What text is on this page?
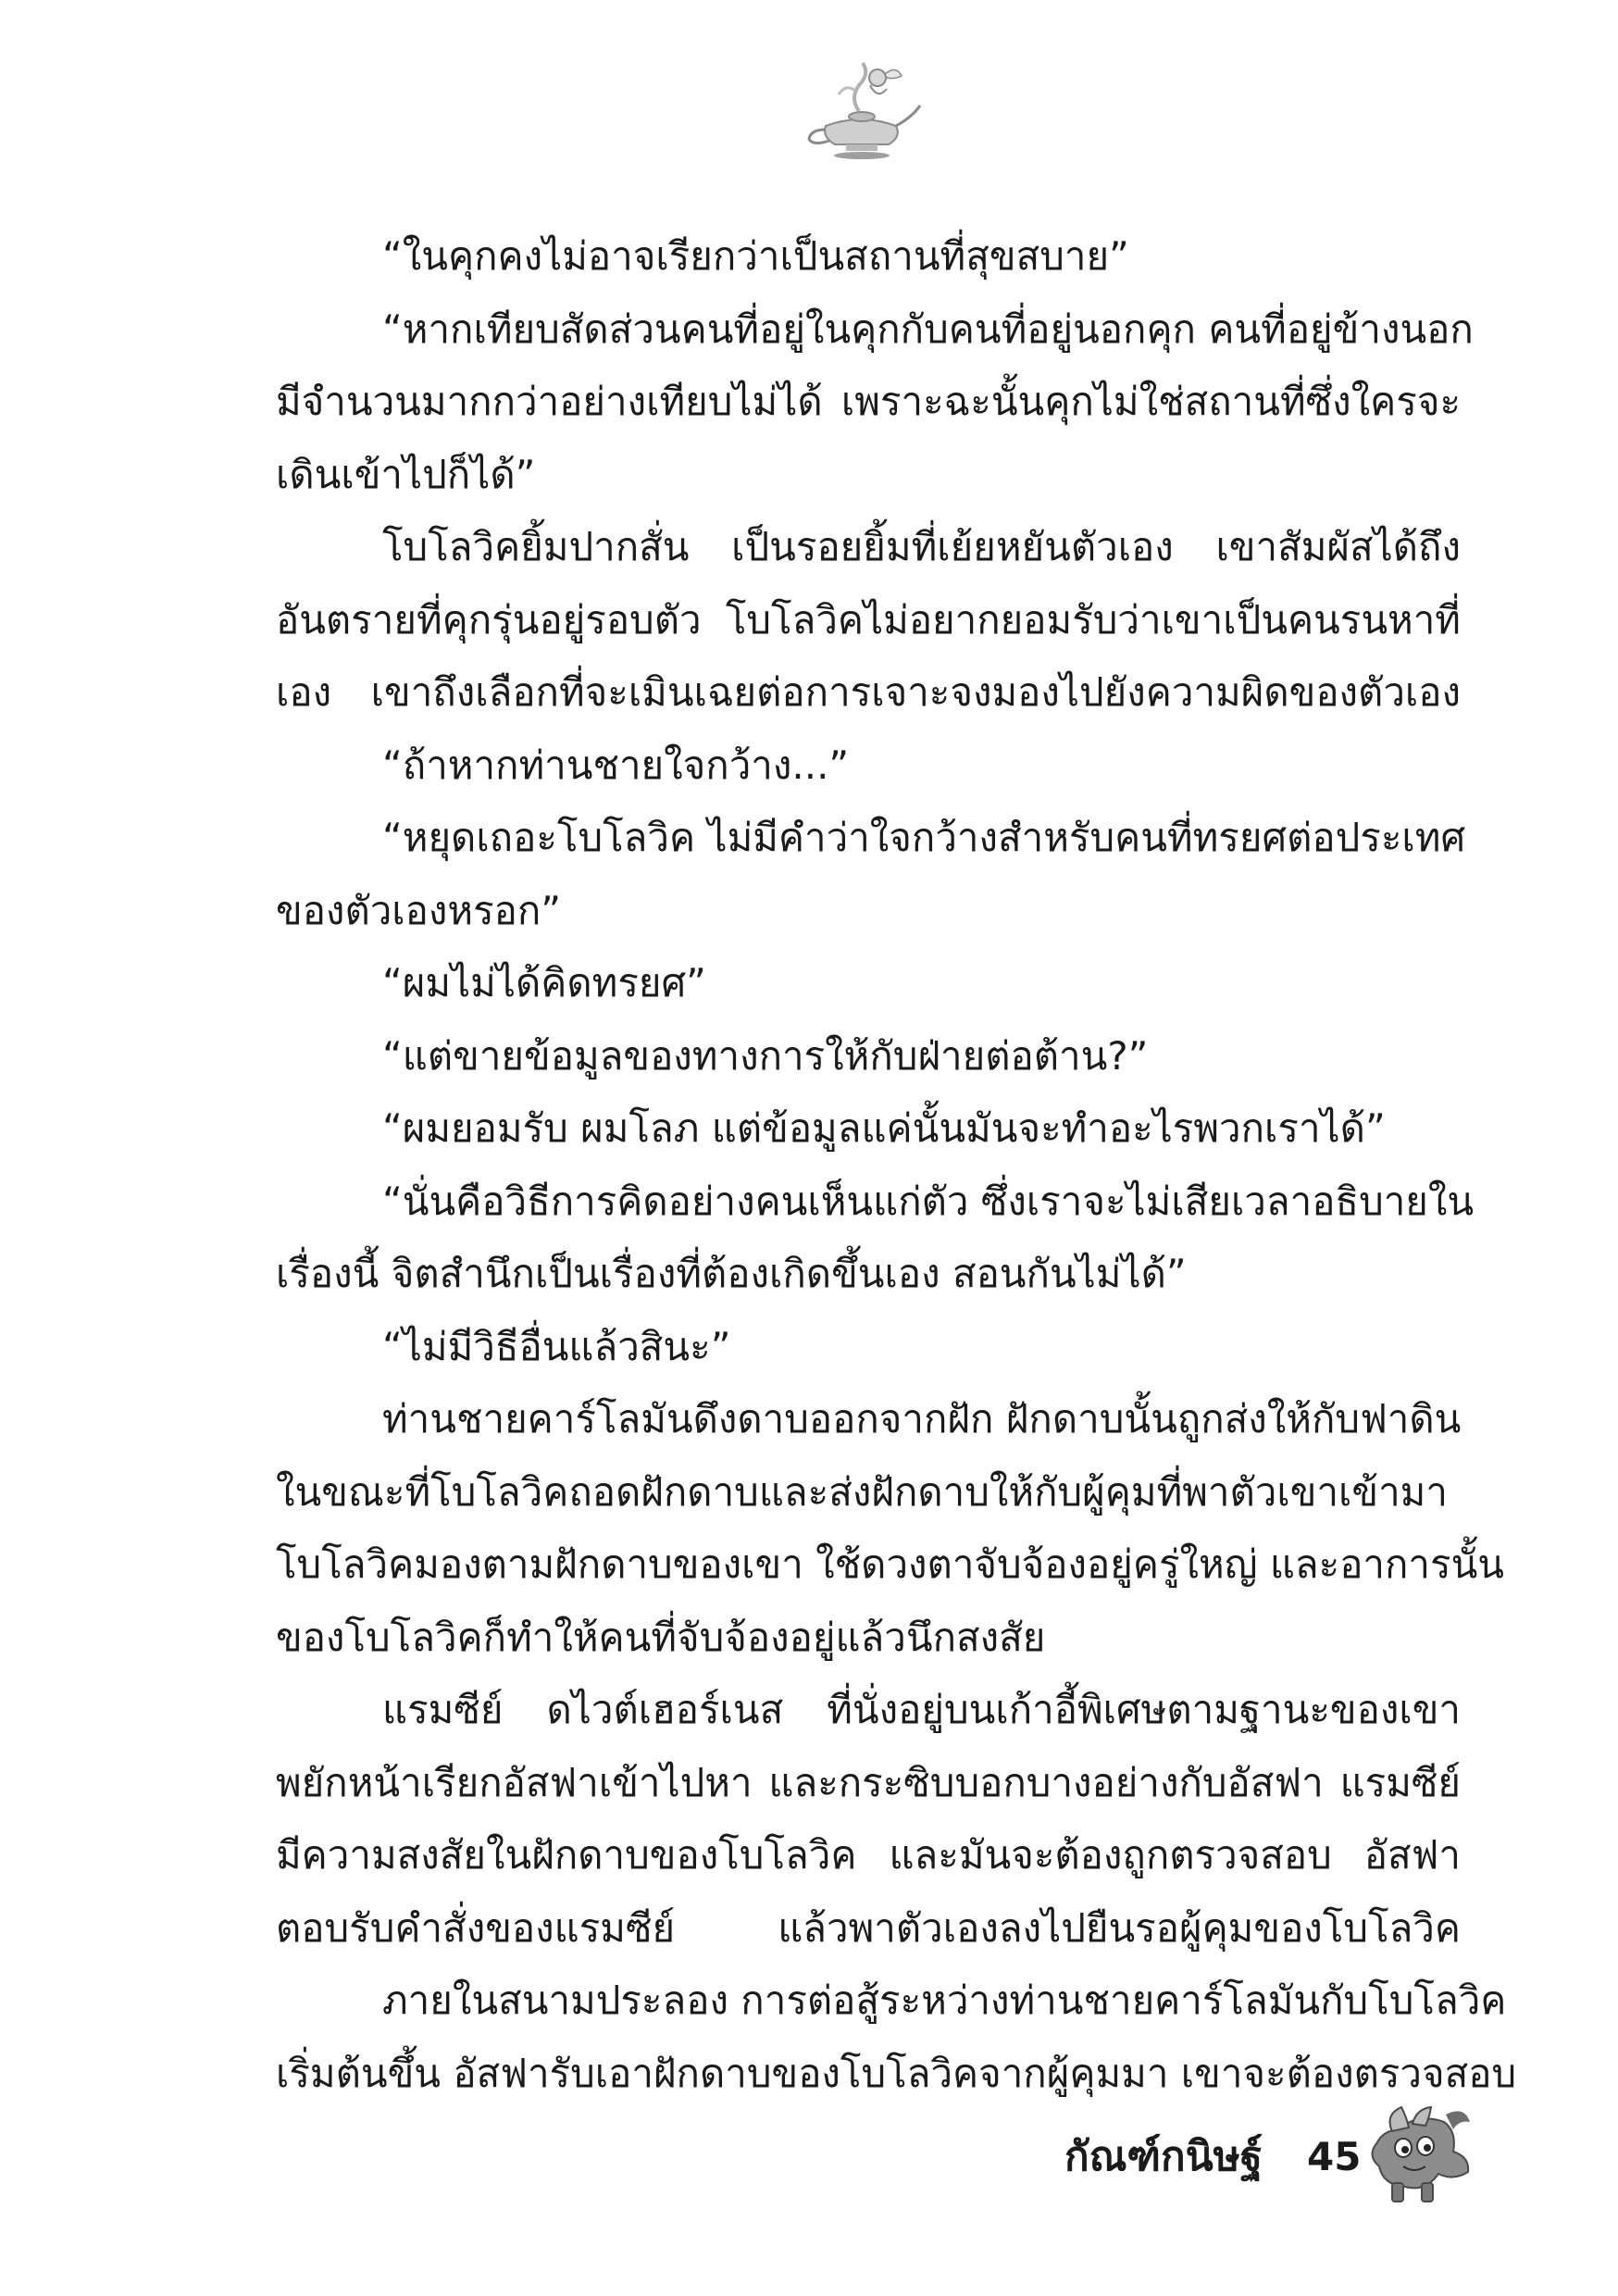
“ในคุกคงไม่อาจเรียกว่าเป็นสถานที่สุขสบาย”
“หากเทียบสัดส่วนคนที่อยู่ในคุกกับคนที่อยู่นอกคุก คนที่อยู่ข้างนอก
มีจำนวนมากกว่าอย่างเทียบไม่ได้ เพราะฉะนั้นคุกไม่ใช่สถานที่ซึ่งใครจะ
เดินเข้าไปก็ได้”
โบโลวิคยิ้มปากสั่น เป็นรอยยิ้มที่เย้ยหยันตัวเอง เขาสัมผัสได้ถึง
อันตรายที่คุกรุ่นอยู่รอบตัว โบโลวิคไม่อยากยอมรับว่าเขาเป็นคนรนหาที่
เอง เขาถึงเลือกที่จะเมินเฉยต่อการเจาะจงมองไปยังความผิดของตัวเอง
“ถ้าหากท่านชายใจกว้าง...”
“หยุดเถอะโบโลวิค ไม่มีคำว่าใจกว้างสำหรับคนที่ทรยศต่อประเทศ
ของตัวเองหรอก”
“ผมไม่ได้คิดทรยศ”
“แต่ขายข้อมูลของทางการให้กับฝ่ายต่อต้าน?”
“ผมยอมรับ ผมโลภ แต่ข้อมูลแค่นั้นมันจะทำอะไรพวกเราได้”
“นั่นคือวิธีการคิดอย่างคนเห็นแก่ตัว ซึ่งเราจะไม่เสียเวลาอธิบายใน
เรื่องนี้ จิตสำนึกเป็นเรื่องที่ต้องเกิดขึ้นเอง สอนกันไม่ได้”
“ไม่มีวิธีอื่นแล้วสินะ”
ท่านชายคาร์โลมันดึงดาบออกจากฝัก ฝักดาบนั้นถูกส่งให้กับฟาดิน
ในขณะที่โบโลวิคถอดฝักดาบและส่งฝักดาบให้กับผู้คุมที่พาตัวเขาเข้ามา
โบโลวิคมองตามฝักดาบของเขา ใช้ดวงตาจับจ้องอยู่ครู่ใหญ่ และอาการนั้น
ของโบโลวิคก็ทำให้คนที่จับจ้องอยู่แล้วนึกสงสัย
แรมซีย์ ดไวต์เฮอร์เนส ที่นั่งอยู่บนเก้าอี้พิเศษตามฐานะของเขา
พยักหน้าเรียกอัสฟาเข้าไปหา และกระซิบบอกบางอย่างกับอัสฟา แรมซีย์
มีความสงสัยในฝักดาบของโบโลวิค และมันจะต้องถูกตรวจสอบ อัสฟา
ตอบรับคำสั่งของแรมซีย์ แล้วพาตัวเองลงไปยืนรอผู้คุมของโบโลวิค
ภายในสนามประลอง การต่อสู้ระหว่างท่านชายคาร์โลมันกับโบโลวิค
เริ่มต้นขึ้น อัสฟารับเอาฝักดาบของโบโลวิคจากผู้คุมมา เขาจะต้องตรวจสอบ
กัณฑ์กนิษฐ์ 45
